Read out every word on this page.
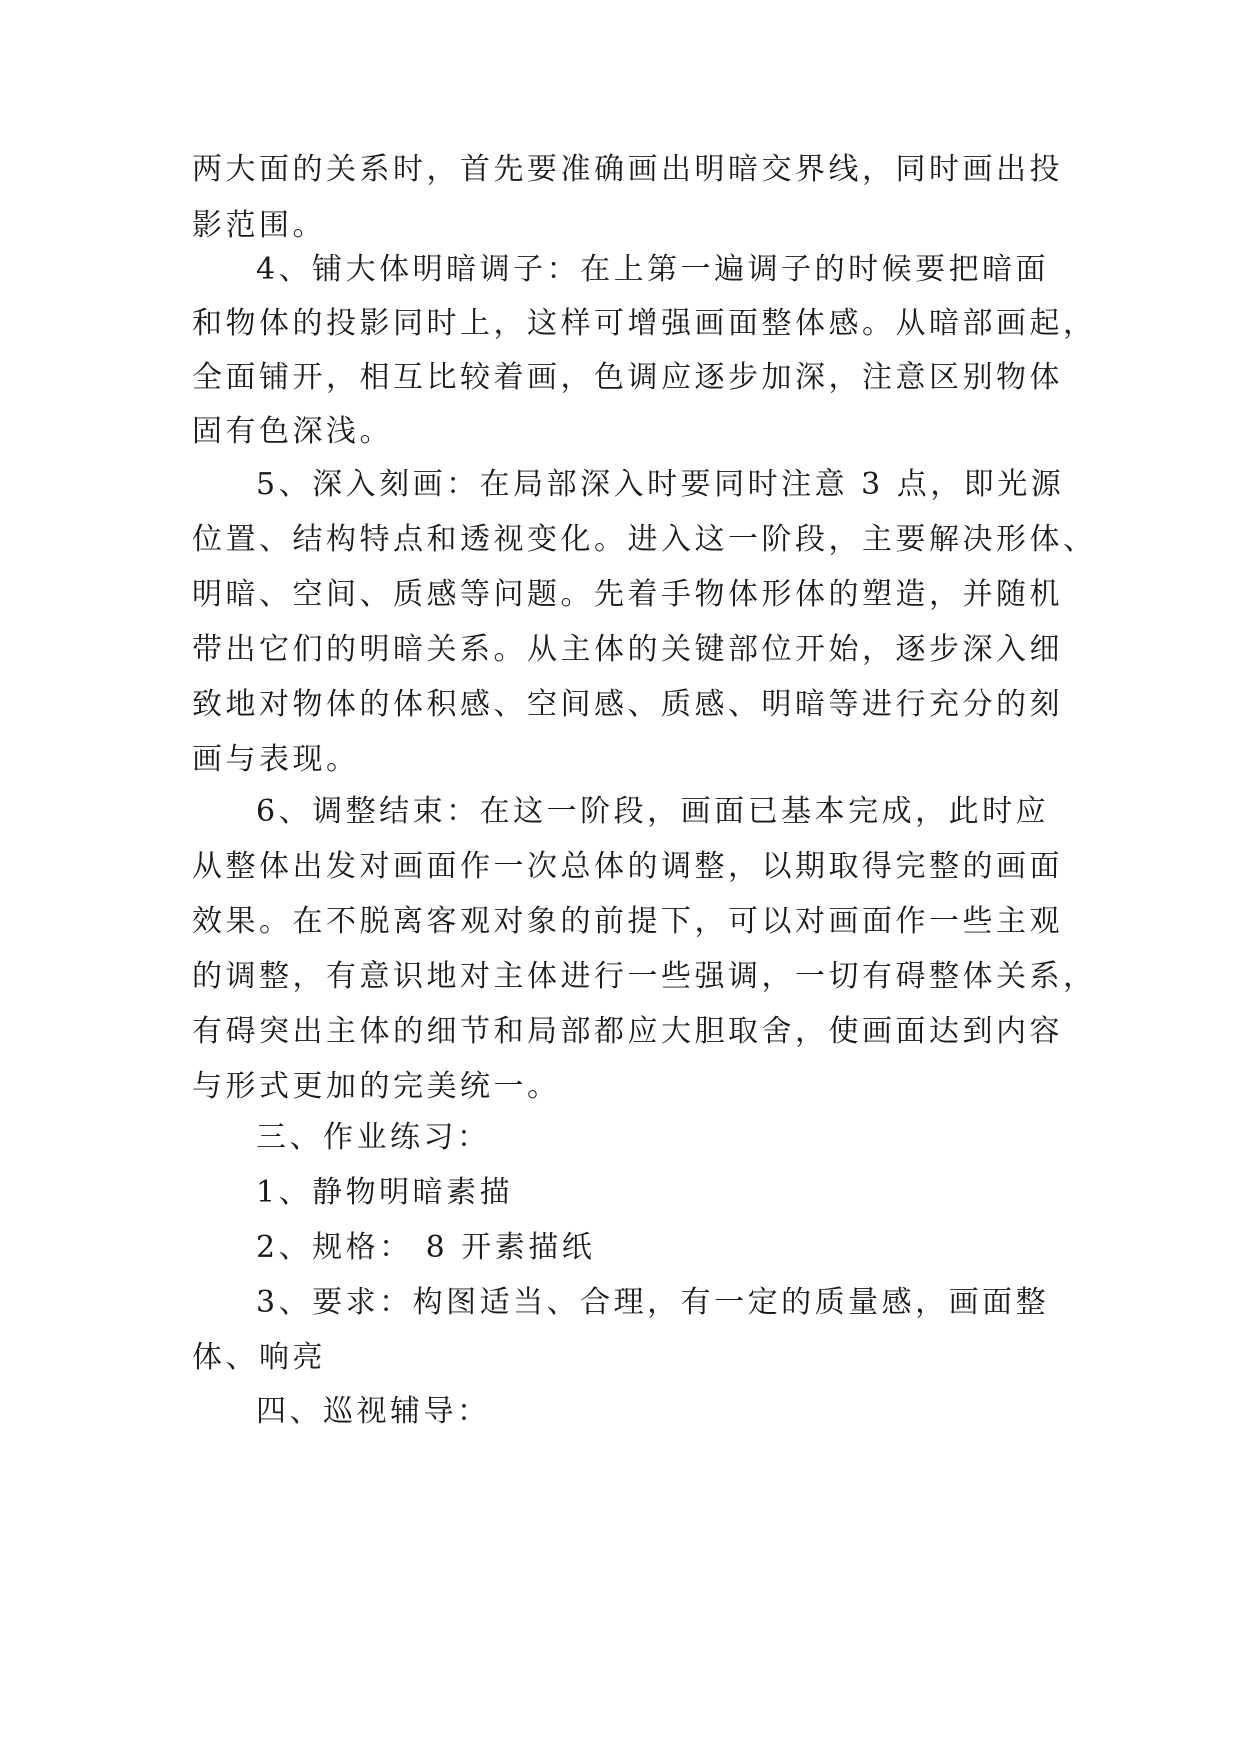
两大面的关系时，首先要准确画出明暗交界线，同时画出投
影范围。
4、铺大体明暗调子：在上第一遍调子的时候要把暗面
和物体的投影同时上，这样可增强画面整体感。从暗部画起，
全面铺开，相互比较着画，色调应逐步加深，注意区别物体
固有色深浅。
5、深入刻画：在局部深入时要同时注意 3 点，即光源
位置、结构特点和透视变化。进入这一阶段，主要解决形体、
明暗、空间、质感等问题。先着手物体形体的塑造，并随机
带出它们的明暗关系。从主体的关键部位开始，逐步深入细
致地对物体的体积感、空间感、质感、明暗等进行充分的刻
画与表现。
6、调整结束：在这一阶段，画面已基本完成，此时应
从整体出发对画面作一次总体的调整，以期取得完整的画面
效果。在不脱离客观对象的前提下，可以对画面作一些主观
的调整，有意识地对主体进行一些强调，一切有碍整体关系，
有碍突出主体的细节和局部都应大胆取舍，使画面达到内容
与形式更加的完美统一。
三、作业练习：
1、静物明暗素描
2、规格： 8 开素描纸
3、要求：构图适当、合理，有一定的质量感，画面整
体、响亮
四、巡视辅导：
